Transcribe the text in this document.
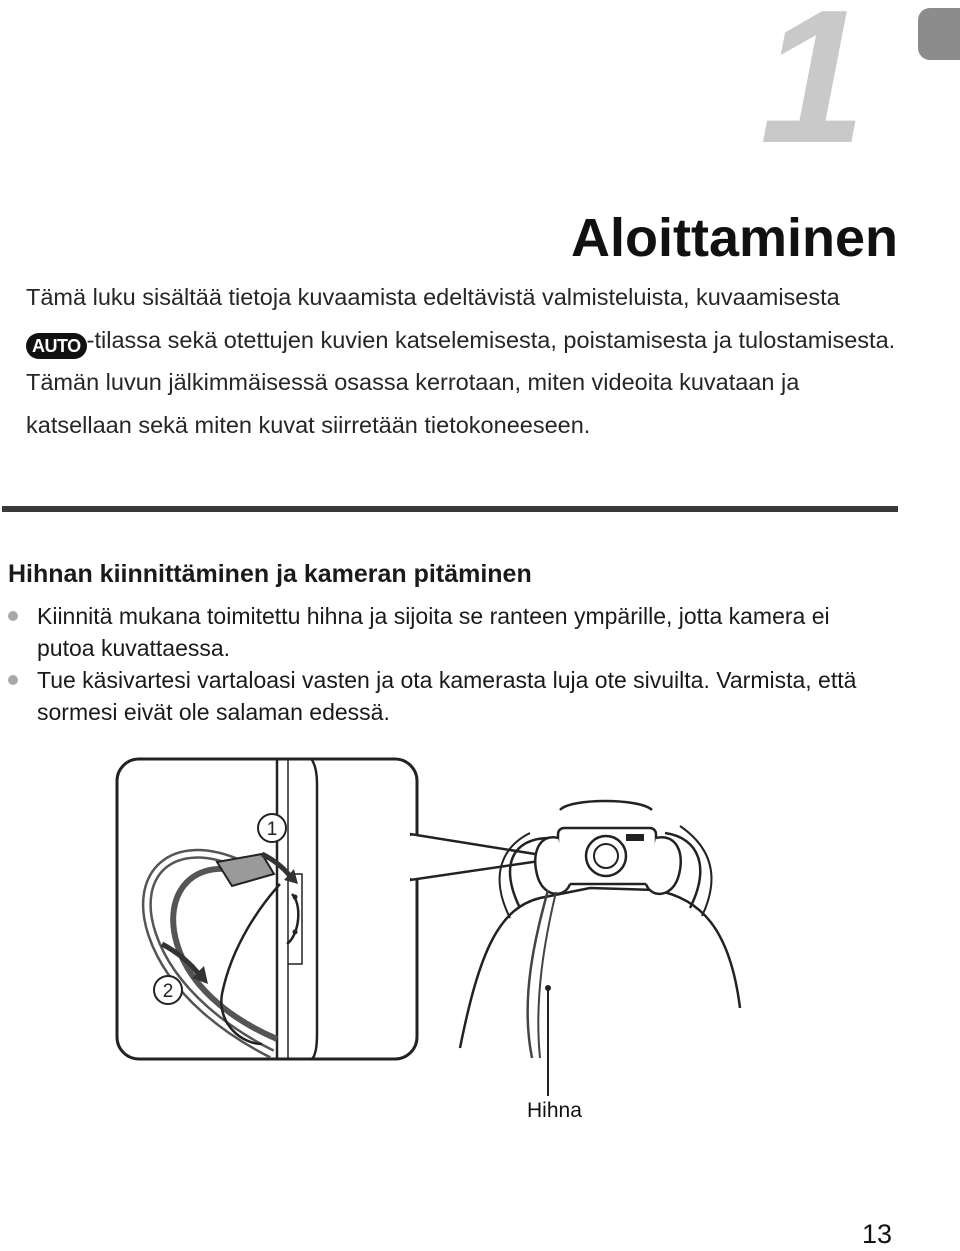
1
Aloittaminen

Tämä luku sisältää tietoja kuvaamista edeltävistä valmisteluista, kuvaamisesta AUTO -tilassa sekä otettujen kuvien katselemisesta, poistamisesta ja tulostamisesta. Tämän luvun jälkimmäisessä osassa kerrotaan, miten videoita kuvataan ja katsellaan sekä miten kuvat siirretään tietokoneeseen.

Hihnan kiinnittäminen ja kameran pitäminen
Kiinnitä mukana toimitettu hihna ja sijoita se ranteen ympärille, jotta kamera ei putoa kuvattaessa.
Tue käsivartesi vartaloasi vasten ja ota kamerasta luja ote sivuilta. Varmista, että sormesi eivät ole salaman edessä.
1
2

Hihna

13
